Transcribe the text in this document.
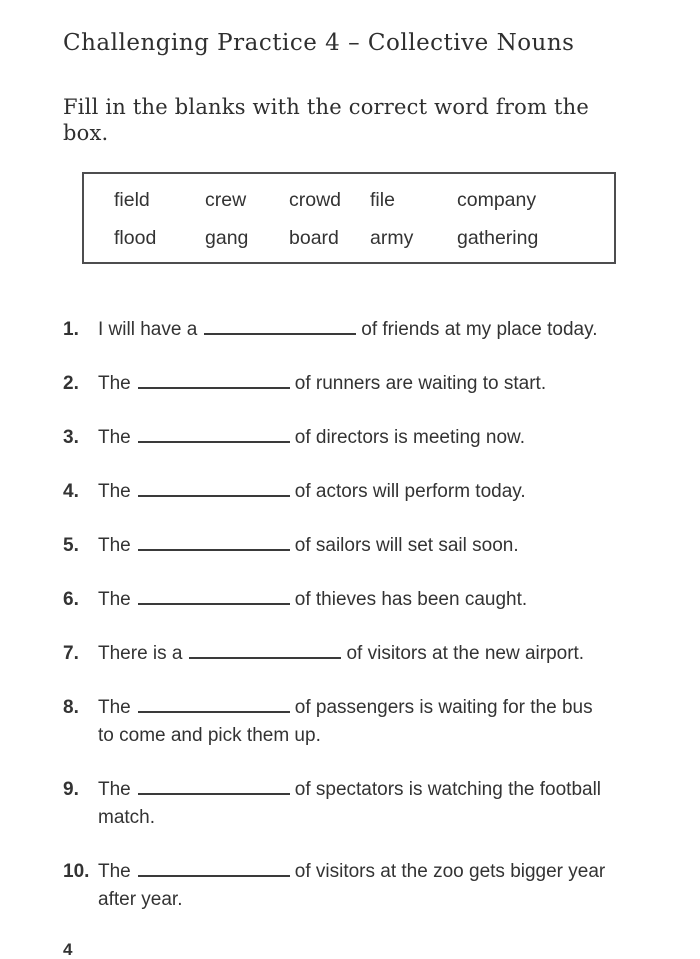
Challenging Practice 4 – Collective Nouns

Fill in the blanks with the correct word from the box.

field	crew	crowd	file	company
flood	gang	board	army	gathering
1.	I will have a	of friends at my place today.
2.	The	of runners are waiting to start.
3.	The	of directors is meeting now.
4.	The	of actors will perform today.
5.	The	of sailors will set sail soon.
6.	The	of thieves has been caught.
7.	There is a	of visitors at the new airport.
8.	The	of passengers is waiting for the bus
to come and pick them up.
9.	The	of spectators is watching the football
match.
10. The	of visitors at the zoo gets bigger year
after year.
4
